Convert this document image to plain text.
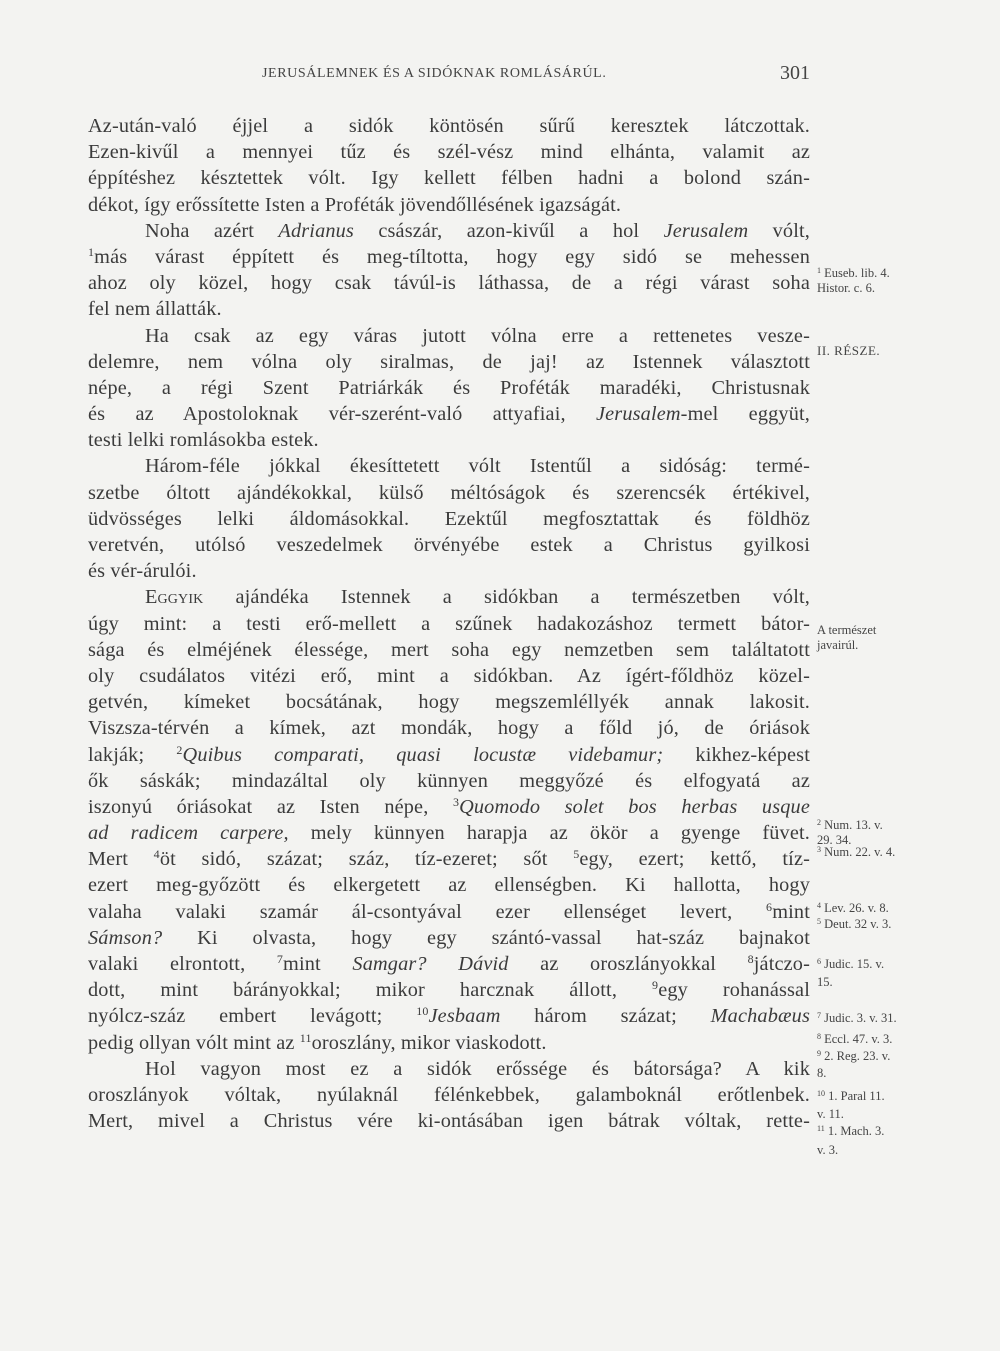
JERUSÁLEMNEK ÉS A SIDÓKNAK ROMLÁSÁRÚL.	301
Az-után-való éjjel a sidók köntösén sűrű keresztek látczottak.
Ezen-kivűl a mennyei tűz és szél-vész mind elhánta, valamit az
éppítéshez késztettek vólt. Igy kellett félben hadni a bolond szán-
dékot, így erőssítette Isten a Proféták jövendőllésének igazságát.
Noha azért Adrianus császár, azon-kivűl a hol Jerusalem vólt,
$^1$más várast éppített és meg-tíltotta, hogy egy sidó se mehessen
ahoz oly közel, hogy csak távúl-is láthassa, de a régi várast soha
fel nem állatták.
Ha csak az egy váras jutott vólna erre a rettenetes vesze-
delemre, nem vólna oly siralmas, de jaj! az Istennek választott
népe, a régi Szent Patriárkák és Proféták maradéki, Christusnak
és az Apostoloknak vér-szerént-való attyafiai, Jerusalem-mel eggyüt,
testi lelki romlásokba estek.
Három-féle jókkal ékesíttetett vólt Istentűl a sidóság: termé-
szetbe óltott ajándékokkal, külső méltóságok és szerencsék értékivel,
üdvösséges lelki áldomásokkal. Ezektűl megfosztattak és földhöz
veretvén, utólsó veszedelmek örvényébe estek a Christus gyilkosi
és vér-árulói.
Eggyik ajándéka Istennek a sidókban a természetben vólt,
úgy mint: a testi erő-mellett a szűnek hadakozáshoz termett bátor-
sága és elméjének élessége, mert soha egy nemzetben sem találtatott
oly csudálatos vitézi erő, mint a sidókban. Az ígért-főldhöz közel-
getvén, kímeket bocsátának, hogy megszemléllyék annak lakosit.
Viszsza-térvén a kímek, azt mondák, hogy a főld jó, de óriások
lakják; $^2$Quibus comparati, quasi locustæ videbamur; kikhez-képest
ők sáskák; mindazáltal oly künnyen meggyőzé és elfogyatá az
iszonyú óriásokat az Isten népe, $^3$Quomodo solet bos herbas usque
ad radicem carpere, mely künnyen harapja az ökör a gyenge füvet.
Mert $^4$öt sidó, százat; száz, tíz-ezeret; sőt $^5$egy, ezert; kettő, tíz-
ezert meg-győzött és elkergetett az ellenségben. Ki hallotta, hogy
valaha valaki szamár ál-csontyával ezer ellenséget levert, $^6$mint
Sámson? Ki olvasta, hogy egy szántó-vassal hat-száz bajnakot
valaki elrontott, $^7$mint Samgar? Dávid az oroszlányokkal $^8$játczo-
dott, mint bárányokkal; mikor harcznak állott, $^9$egy rohanással
nyólcz-száz embert levágott; $^{10}$Jesbaam három százat; Machabæus
pedig ollyan vólt mint az $^{11}$oroszlány, mikor viaskodott.
Hol vagyon most ez a sidók erőssége és bátorsága? A kik
oroszlányok vóltak, nyúlaknál félénkebbek, galamboknál erőtlenbek.
Mert, mivel a Christus vére ki-ontásában igen bátrak vóltak, rette-
$^1$ Euseb. lib. 4.
Histor. c. 6.
II. RÉSZE.
A természet
javairúl.
$^2$ Num. 13. v.
29. 34.
$^3$ Num. 22. v. 4.
$^4$ Lev. 26. v. 8.
$^5$ Deut. 32 v. 3.
$^6$ Judic. 15. v.
15.
$^7$ Judic. 3. v. 31.
$^8$ Eccl. 47. v. 3.
$^9$ 2. Reg. 23. v.
8.
$^{10}$ 1. Paral 11.
v. 11.
$^{11}$ 1. Mach. 3.
v. 3.
